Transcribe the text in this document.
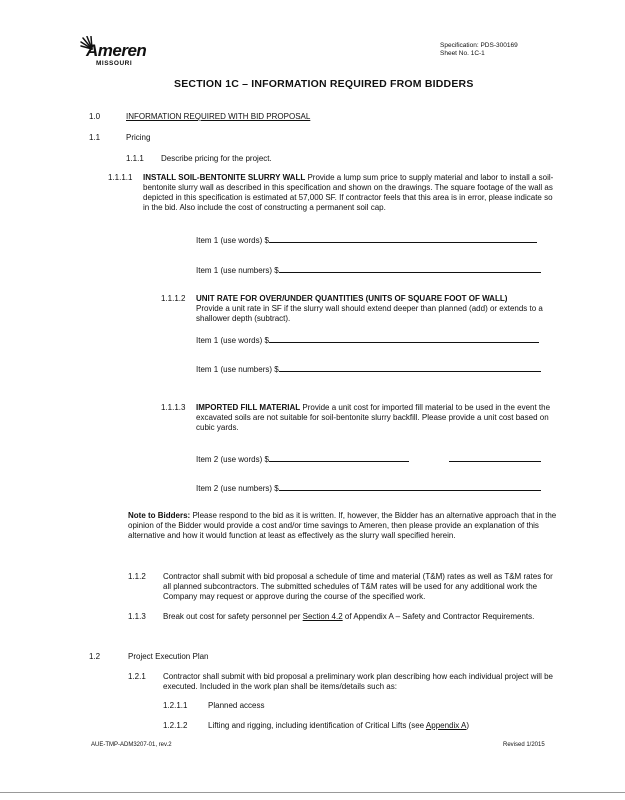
Ameren
MISSOURI
Specification: PDS-300169
Sheet No. 1C-1
SECTION 1C – INFORMATION REQUIRED FROM BIDDERS
1.0	INFORMATION REQUIRED WITH BID PROPOSAL
1.1	Pricing
1.1.1 Describe pricing for the project.
1.1.1.1 INSTALL SOIL-BENTONITE SLURRY WALL Provide a lump sum price to supply material and labor to install a soil-bentonite slurry wall as described in this specification and shown on the drawings. The square footage of the wall as depicted in this specification is estimated at 57,000 SF. If contractor feels that this area is in error, please indicate so in the bid. Also include the cost of constructing a permanent soil cap.
Item 1 (use words) $
Item 1 (use numbers) $
1.1.1.2 UNIT RATE FOR OVER/UNDER QUANTITIES (UNITS OF SQUARE FOOT OF WALL)
Provide a unit rate in SF if the slurry wall should extend deeper than planned (add) or extends to a shallower depth (subtract).
Item 1 (use words) $
Item 1 (use numbers) $
1.1.1.3 IMPORTED FILL MATERIAL Provide a unit cost for imported fill material to be used in the event the excavated soils are not suitable for soil-bentonite slurry backfill. Please provide a unit cost based on cubic yards.
Item 2 (use words) $
Item 2 (use numbers) $
Note to Bidders: Please respond to the bid as it is written. If, however, the Bidder has an alternative approach that in the opinion of the Bidder would provide a cost and/or time savings to Ameren, then please provide an explanation of this alternative and how it would function at least as effectively as the slurry wall specified herein.
1.1.2 Contractor shall submit with bid proposal a schedule of time and material (T&M) rates as well as T&M rates for all planned subcontractors. The submitted schedules of T&M rates will be used for any additional work the Company may request or approve during the course of the specified work.
1.1.3 Break out cost for safety personnel per Section 4.2 of Appendix A – Safety and Contractor Requirements.
1.2	Project Execution Plan
1.2.1 Contractor shall submit with bid proposal a preliminary work plan describing how each individual project will be executed. Included in the work plan shall be items/details such as:
1.2.1.1	Planned access
1.2.1.2	Lifting and rigging, including identification of Critical Lifts (see Appendix A)
AUE-TMP-ADM3207-01, rev.2	Revised 1/2015
